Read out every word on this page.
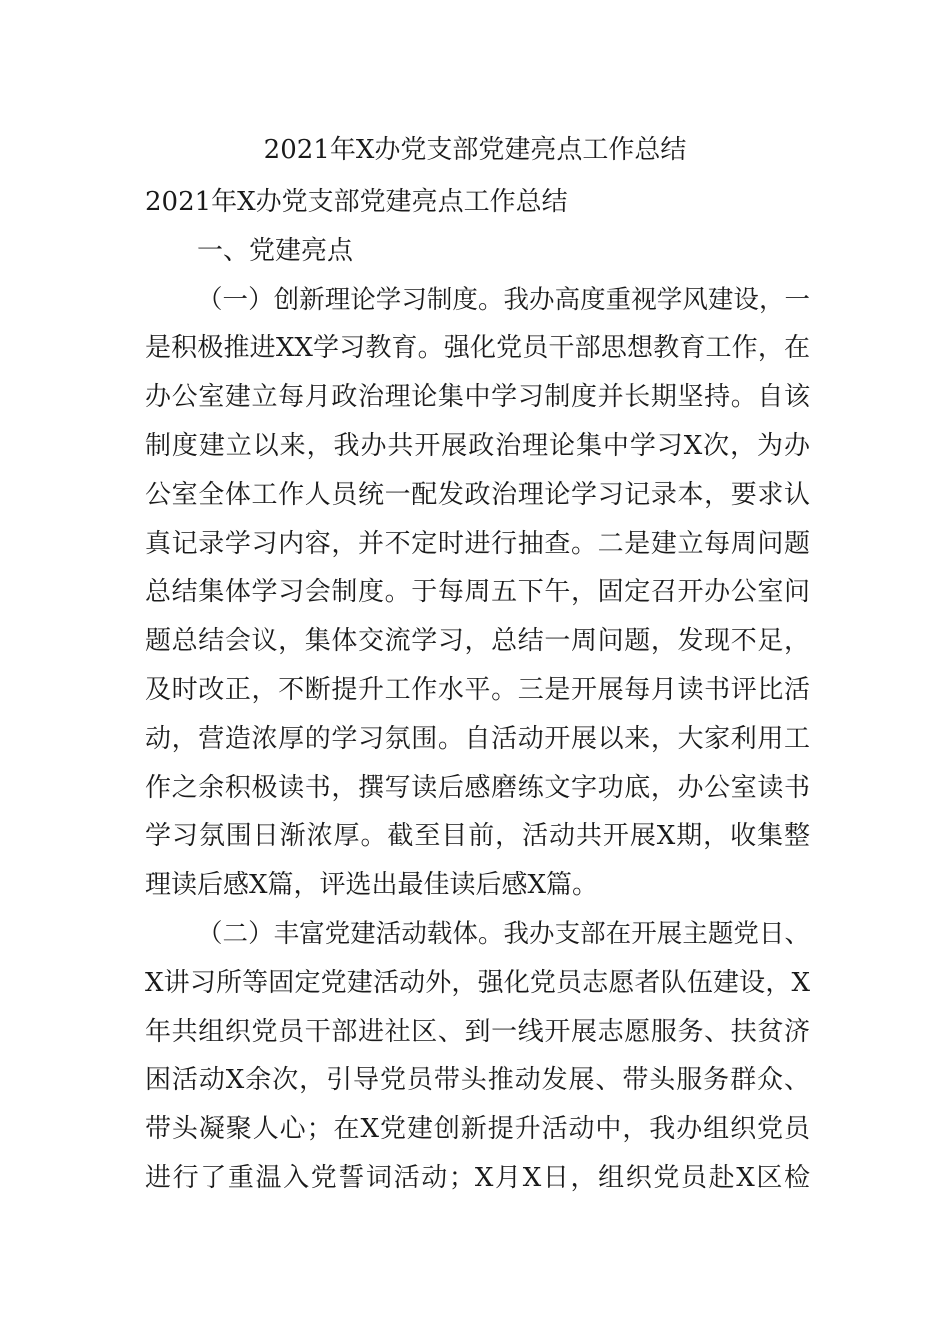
2021年X办党支部党建亮点工作总结
2021年X办党支部党建亮点工作总结
一、党建亮点
（一）创新理论学习制度。我办高度重视学风建设，一
是积极推进XX学习教育。强化党员干部思想教育工作，在
办公室建立每月政治理论集中学习制度并长期坚持。自该
制度建立以来，我办共开展政治理论集中学习X次，为办
公室全体工作人员统一配发政治理论学习记录本，要求认
真记录学习内容，并不定时进行抽查。二是建立每周问题
总结集体学习会制度。于每周五下午，固定召开办公室问
题总结会议，集体交流学习，总结一周问题，发现不足，
及时改正，不断提升工作水平。三是开展每月读书评比活
动，营造浓厚的学习氛围。自活动开展以来，大家利用工
作之余积极读书，撰写读后感磨练文字功底，办公室读书
学习氛围日渐浓厚。截至目前，活动共开展X期，收集整
理读后感X篇，评选出最佳读后感X篇。
（二）丰富党建活动载体。我办支部在开展主题党日、
X讲习所等固定党建活动外，强化党员志愿者队伍建设，X
年共组织党员干部进社区、到一线开展志愿服务、扶贫济
困活动X余次，引导党员带头推动发展、带头服务群众、
带头凝聚人心；在X党建创新提升活动中，我办组织党员
进行了重温入党誓词活动；X月X日，组织党员赴X区检
